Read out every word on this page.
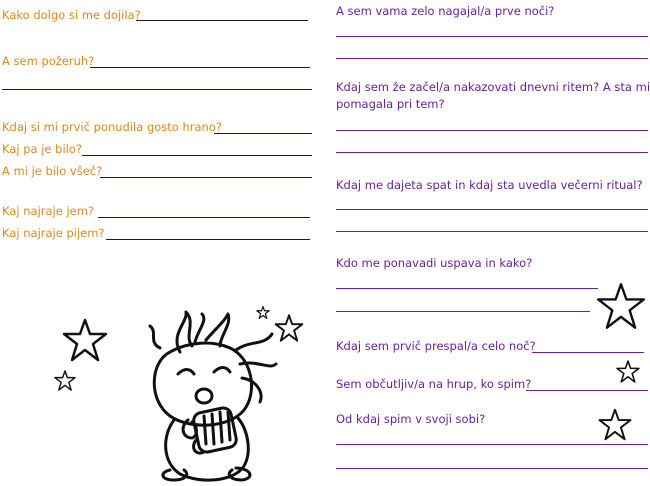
Kako dolgo si me dojila?
A sem požeruh?
Kdaj si mi prvič ponudila gosto hrano?
Kaj pa je bilo?
A mi je bilo všeč?
Kaj najraje jem?
Kaj najraje pijem?
A sem vama zelo nagajal/a prve noči?
Kdaj sem že začel/a nakazovati dnevni ritem? A sta mi
pomagala pri tem?
Kdaj me dajeta spat in kdaj sta uvedla večerni ritual?
Kdo me ponavadi uspava in kako?
Kdaj sem prvič prespal/a celo noč?
Sem občutljiv/a na hrup, ko spim?
Od kdaj spim v svoji sobi?
